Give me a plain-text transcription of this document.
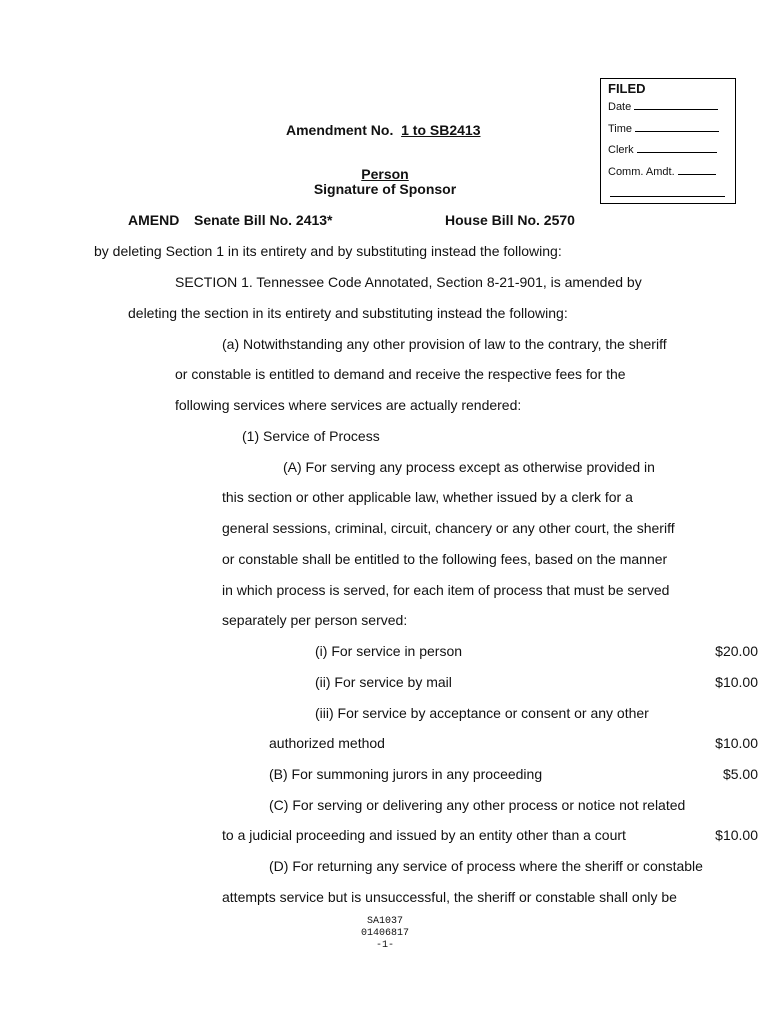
FILED
Date
Time
Clerk
Comm. Amdt.
Amendment No. 1 to SB2413
Person
Signature of Sponsor
AMEND Senate Bill No. 2413*	House Bill No. 2570
by deleting Section 1 in its entirety and by substituting instead the following:
SECTION 1. Tennessee Code Annotated, Section 8-21-901, is amended by
deleting the section in its entirety and substituting instead the following:
(a) Notwithstanding any other provision of law to the contrary, the sheriff
or constable is entitled to demand and receive the respective fees for the
following services where services are actually rendered:
(1) Service of Process
(A) For serving any process except as otherwise provided in
this section or other applicable law, whether issued by a clerk for a
general sessions, criminal, circuit, chancery or any other court, the sheriff
or constable shall be entitled to the following fees, based on the manner
in which process is served, for each item of process that must be served
separately per person served:
(i) For service in person	$20.00
(ii) For service by mail	$10.00
(iii) For service by acceptance or consent or any other
authorized method	$10.00
(B) For summoning jurors in any proceeding	$5.00
(C) For serving or delivering any other process or notice not related
to a judicial proceeding and issued by an entity other than a court	$10.00
(D) For returning any service of process where the sheriff or constable
attempts service but is unsuccessful, the sheriff or constable shall only be
SA1037
01406817
-1-
